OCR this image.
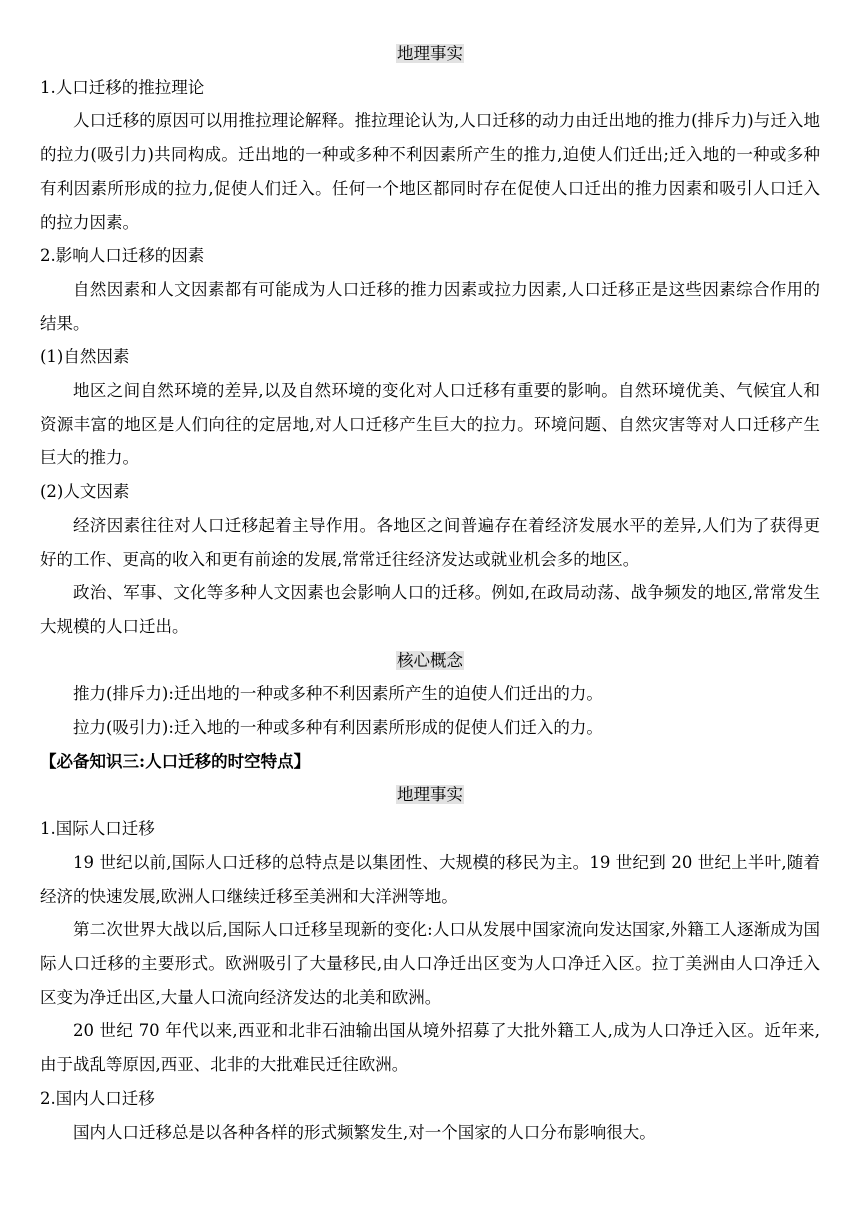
地理事实

1.人口迁移的推拉理论

人口迁移的原因可以用推拉理论解释。推拉理论认为,人口迁移的动力由迁出地的推力(排斥力)与迁入地的拉力(吸引力)共同构成。迁出地的一种或多种不利因素所产生的推力,迫使人们迁出;迁入地的一种或多种有利因素所形成的拉力,促使人们迁入。任何一个地区都同时存在促使人口迁出的推力因素和吸引人口迁入的拉力因素。

2.影响人口迁移的因素

自然因素和人文因素都有可能成为人口迁移的推力因素或拉力因素,人口迁移正是这些因素综合作用的结果。

(1)自然因素

地区之间自然环境的差异,以及自然环境的变化对人口迁移有重要的影响。自然环境优美、气候宜人和资源丰富的地区是人们向往的定居地,对人口迁移产生巨大的拉力。环境问题、自然灾害等对人口迁移产生巨大的推力。

(2)人文因素

经济因素往往对人口迁移起着主导作用。各地区之间普遍存在着经济发展水平的差异,人们为了获得更好的工作、更高的收入和更有前途的发展,常常迁往经济发达或就业机会多的地区。

政治、军事、文化等多种人文因素也会影响人口的迁移。例如,在政局动荡、战争频发的地区,常常发生大规模的人口迁出。

核心概念

推力(排斥力):迁出地的一种或多种不利因素所产生的迫使人们迁出的力。

拉力(吸引力):迁入地的一种或多种有利因素所形成的促使人们迁入的力。

【必备知识三:人口迁移的时空特点】

地理事实

1.国际人口迁移

19 世纪以前,国际人口迁移的总特点是以集团性、大规模的移民为主。19 世纪到 20 世纪上半叶,随着经济的快速发展,欧洲人口继续迁移至美洲和大洋洲等地。

第二次世界大战以后,国际人口迁移呈现新的变化:人口从发展中国家流向发达国家,外籍工人逐渐成为国际人口迁移的主要形式。欧洲吸引了大量移民,由人口净迁出区变为人口净迁入区。拉丁美洲由人口净迁入区变为净迁出区,大量人口流向经济发达的北美和欧洲。

20 世纪 70 年代以来,西亚和北非石油输出国从境外招募了大批外籍工人,成为人口净迁入区。近年来,由于战乱等原因,西亚、北非的大批难民迁往欧洲。

2.国内人口迁移

国内人口迁移总是以各种各样的形式频繁发生,对一个国家的人口分布影响很大。
